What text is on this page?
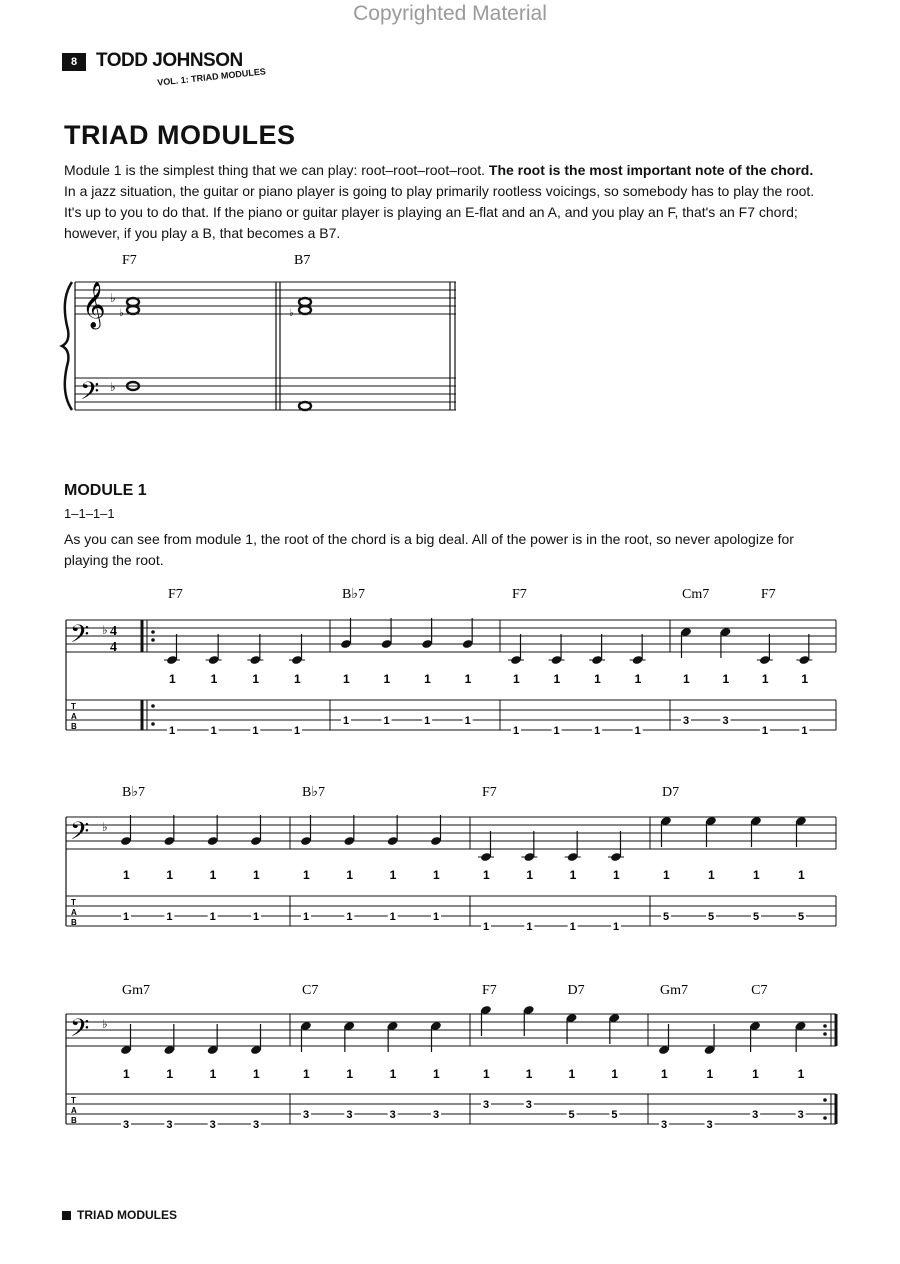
Copyrighted Material
8 TODD JOHNSON
VOL. 1: TRIAD MODULES
TRIAD MODULES
Module 1 is the simplest thing that we can play: root–root–root–root. The root is the most important note of the chord. In a jazz situation, the guitar or piano player is going to play primarily rootless voicings, so somebody has to play the root. It's up to you to do that. If the piano or guitar player is playing an E-flat and an A, and you play an F, that's an F7 chord; however, if you play a B, that becomes a B7.
MODULE 1
1–1–1–1
As you can see from module 1, the root of the chord is a big deal. All of the power is in the root, so never apologize for playing the root.
F7	B7
𝄞
𝄢
♭
♭
♭	♭
𝄢 ♭
T
A
B
4
4
F7	B♭7	F7	Cm7	F7
1	1	1	1	1	1	1	1	1	1	1	1	1	1	1	1
1	1	1	1
1	1	1	1
1	1	1	1
3	3
1	1
𝄢 ♭
T
A
B
B♭7	B♭7	F7	D7
1	1	1	1	1	1	1	1	1	1	1	1	1	1	1	1
1	1	1	1	1	1	1	1
1	1	1	1
5	5	5	5
𝄢 ♭
T
A
B
Gm7	C7	F7	D7	Gm7	C7
1	1	1	1	1	1	1	1	1	1	1	1	1	1	1	1
3	3	3	3
3	3	3	3
3	3
5	5
3	3
3	3
TRIAD MODULES
